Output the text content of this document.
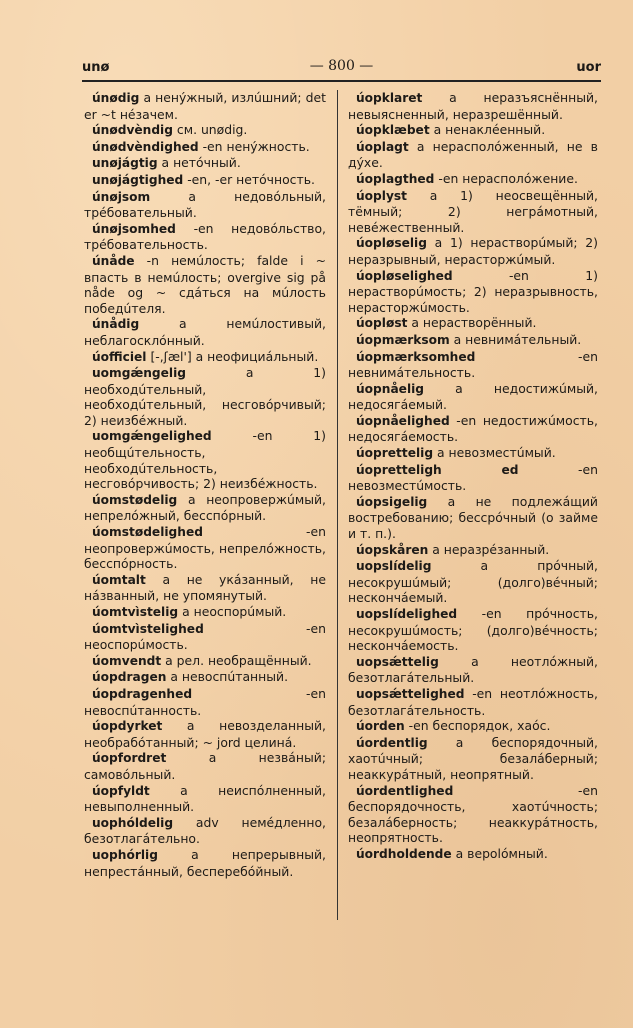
unø	— 800 —	uor

únødig a ненýжный, излúшний; det er ~t нéзачем.

únødvèndig см. unødig.

únødvèndighed -en ненýжность.

unøjágtig a нетóчный.

unøjágtighed -en, -er нетóчность.

únøjsom a недовóльный, трéбовательный.

únøjsomhed -en недовóльство, трéбовательность.

únåde -n немúлость; falde i ~ впасть в немúлость; overgive sig på nåde og ~ сдáться на мúлость победúтеля.

únådig a немúлостивый, неблагосклóнный.

úofficiel [-,ʃæl'] a неофициáльный.

uomgǽngelig a 1) необходúтельный, необходúтельный, несговóрчивый; 2) неизбéжный.

uomgǽngelighed -en 1) необщúтельность, необходúтельность, несговóрчивость; 2) неизбéжность.

úomstødelig a неопровержúмый, непрелóжный, бесспóрный.

úomstødelighed -en неопровержúмость, непрелóжность, бесспóрность.

úomtalt a не укáзанный, не нáзванный, не упомянутый.

úomtvìstelig a неоспорúмый.

úomtvìstelighed -en неоспорúмость.

úomvendt a рел. необращённый.

úopdragen a невоспúтанный.

úopdragenhed -en невоспúтанность.

úopdyrket a невозделанный, необрабóтанный; ~ jord целинá.

úopfordret a незвáный; самовóльный.

úopfyldt a неиспóлненный, невыполненный.

uophóldelig adv немéдленно, безотлагáтельно.

uophórlig a непрерывный, непрестáнный, бесперебóйный.

úopklaret a неразъяснённый, невыясненный, неразрешённый.

úopklæbet a ненаклéенный.

úoplagt a нерасполóженный, не в дýхе.

úoplagthed -en нерасполóжение.

úoplyst a 1) неосвещённый, тёмный; 2) негрáмотный, невéжественный.

úopløselig a 1) нерастворúмый; 2) неразрывный, нерасторжúмый.

úopløselighed -en 1) нерастворúмость; 2) неразрывность, нерасторжúмость.

úopløst a нерастворённый.

úopmærksom a невнимáтельный.

úopmærksomhed -en невнимáтельность.

úopnåelig a недостижúмый, недосягáемый.

úopnåelighed -en недостижúмость, недосягáемость.

úoprettelig a невозместúмый.

úopretteligh ed -en невозместúмость.

úopsigelig a не подлежáщий востребованию; бессрóчный (о займе и т. п.).

úopskåren a неразрéзанный.

uopslídelig a прóчный, несокрушúмый; (долго)вéчный; нескончáемый.

uopslídelighed -en прóчность, несокрушúмость; (долго)вéчность; нескончáемость.

uopsǽttelig a неотлóжный, безотлагáтельный.

uopsǽttelighed -en неотлóжность, безотлагáтельность.

úorden -en беспорядок, хаóс.

úordentlig a беспорядочный, хаотúчный; безалáберный; неаккурáтный, неопрятный.

úordentlighed -en беспорядочность, хаотúчность; безалáберность; неаккурáтность, неопрятность.

úordholdende a верolóмный.
